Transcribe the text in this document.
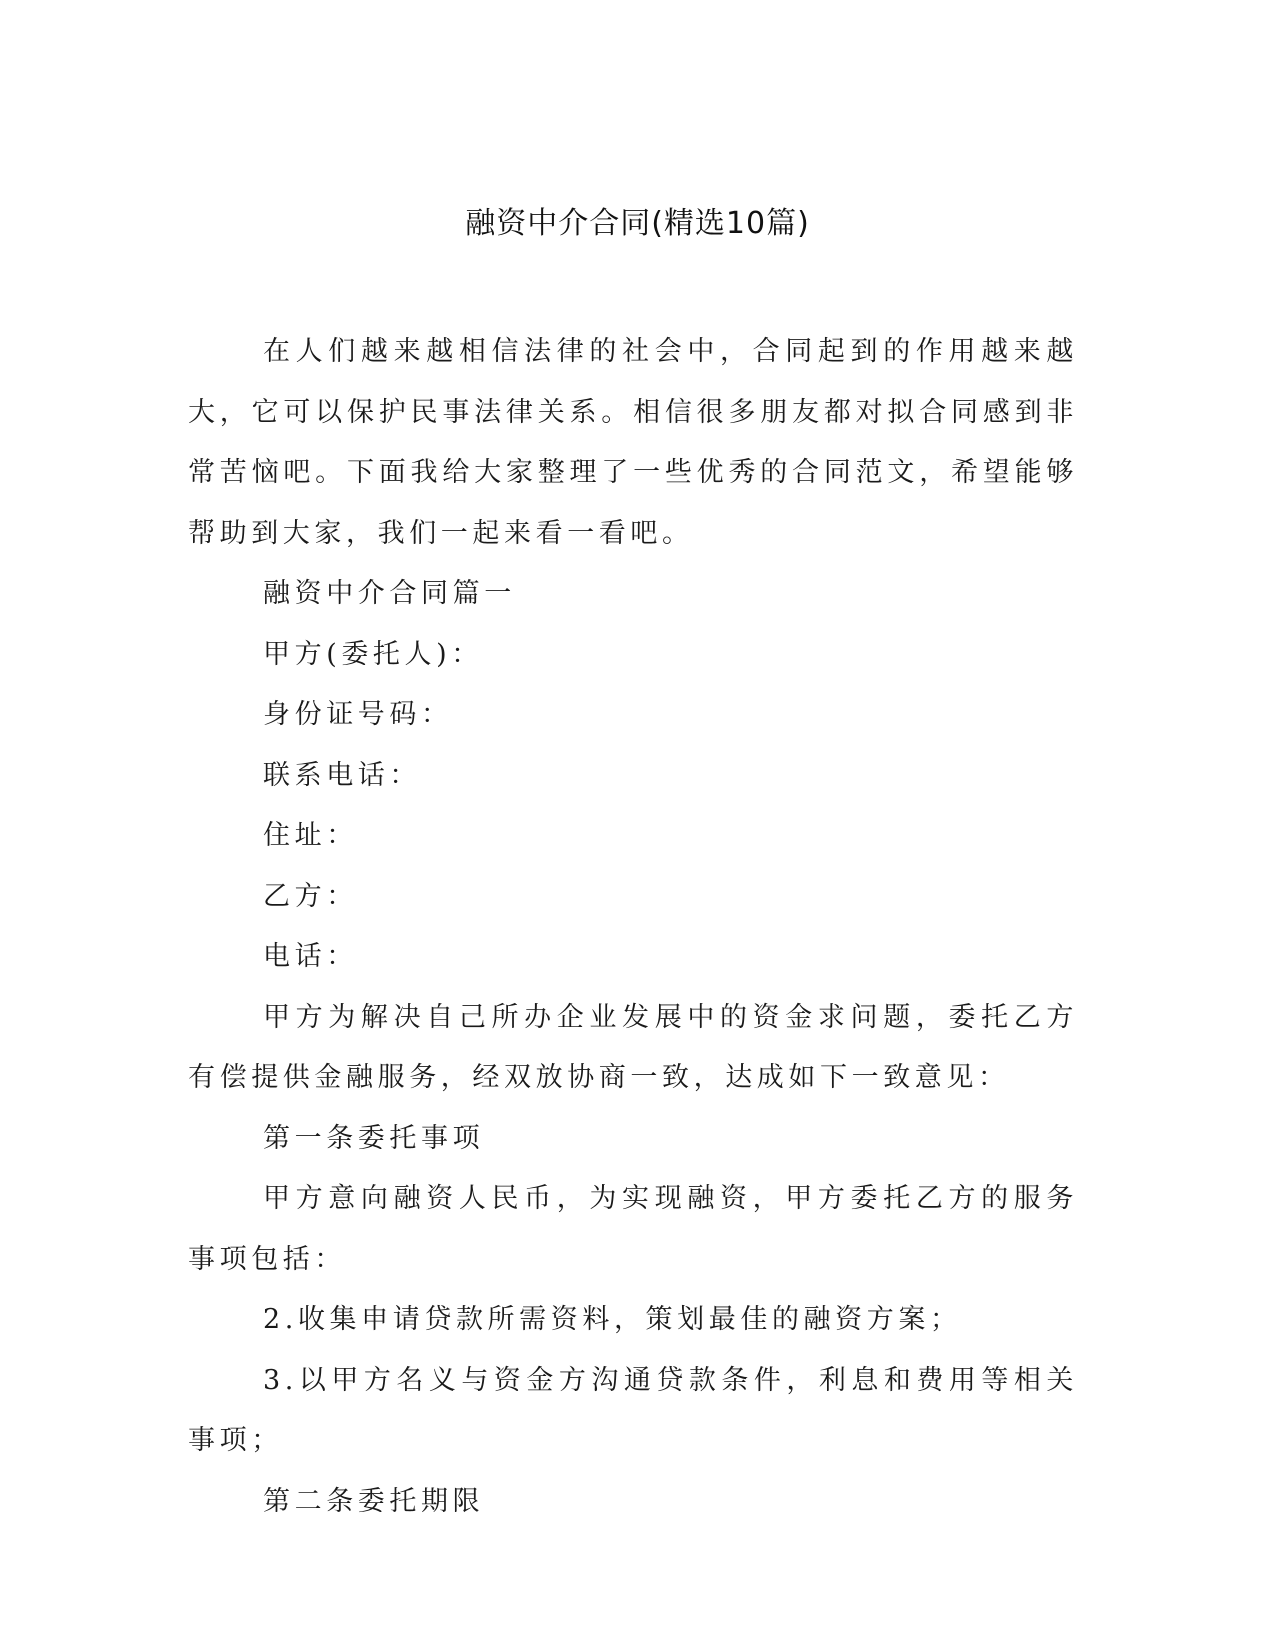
融资中介合同(精选10篇)

在人们越来越相信法律的社会中，合同起到的作用越来越大，它可以保护民事法律关系。相信很多朋友都对拟合同感到非常苦恼吧。下面我给大家整理了一些优秀的合同范文，希望能够帮助到大家，我们一起来看一看吧。

融资中介合同篇一

甲方(委托人)：

身份证号码：

联系电话：

住址：

乙方：

电话：

甲方为解决自己所办企业发展中的资金求问题，委托乙方有偿提供金融服务，经双放协商一致，达成如下一致意见：

第一条委托事项

甲方意向融资人民币，为实现融资，甲方委托乙方的服务事项包括：

2.收集申请贷款所需资料，策划最佳的融资方案；

3.以甲方名义与资金方沟通贷款条件，利息和费用等相关事项；

第二条委托期限
